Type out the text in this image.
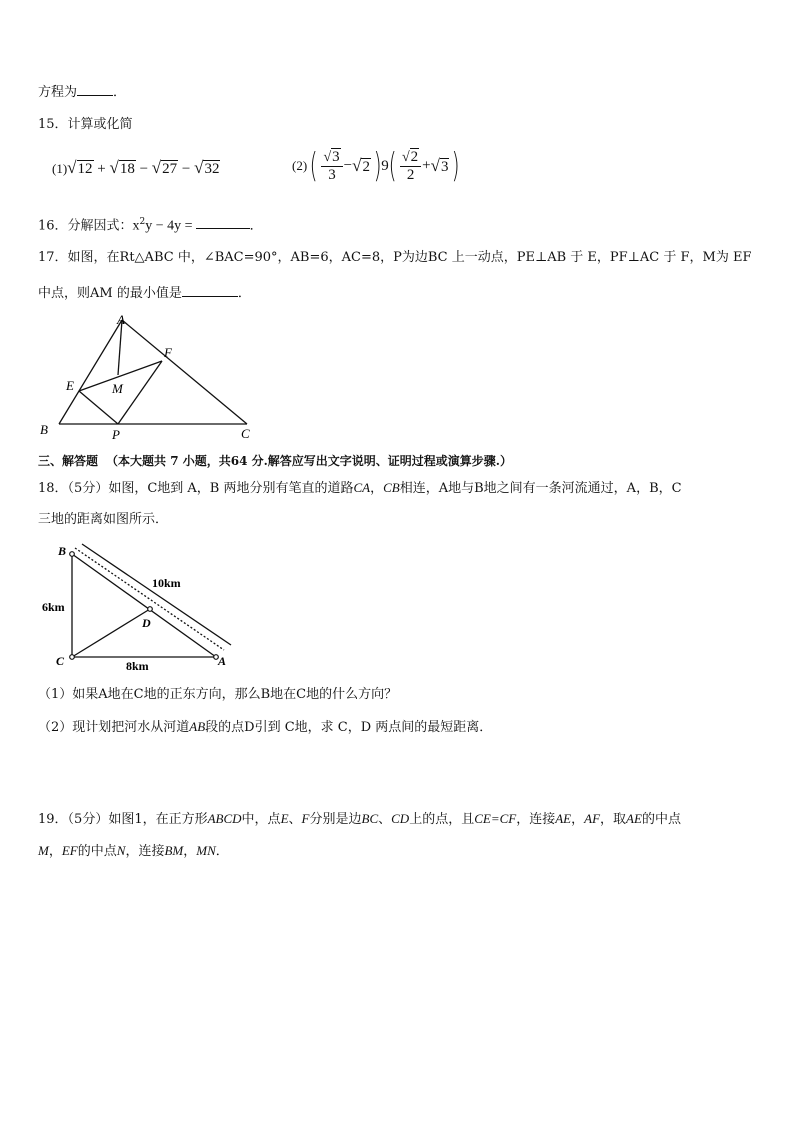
方程为	．
15．计算或化简
(1)√12 + √18 − √27 − √32	$(2)( \frac{√3}{3} -√2$ )$9( \frac{√2}{2} +√3$ )
16．分解因式：$x^2y - 4y$ =	．
17．如图，在Rt△ABC 中，∠BAC=90°，AB=6，AC=8，P为边BC 上一动点，PE⊥AB 于 E，PF⊥AC 于 F，M为 EF
中点，则AM 的最小值是	．
A
B	C
E
F
M
P
三、解答题 （本大题共 7 小题，共64 分.解答应写出文字说明、证明过程或演算步骤.）
18．（5分）如图，C地到 A，B 两地分别有笔直的道路CA，CB相连，A地与B地之间有一条河流通过，A，B，C
三地的距离如图所示．
B
C	A
D
6km
8km
10km
（1）如果A地在C地的正东方向，那么B地在C地的什么方向？
（2）现计划把河水从河道AB段的点D引到 C地，求 C，D 两点间的最短距离．
19．（5分）如图1，在正方形ABCD中，点E、F分别是边BC、CD上的点，且CE=CF，连接AE，AF，取AE的中点
M，EF的中点N，连接BM，MN．
